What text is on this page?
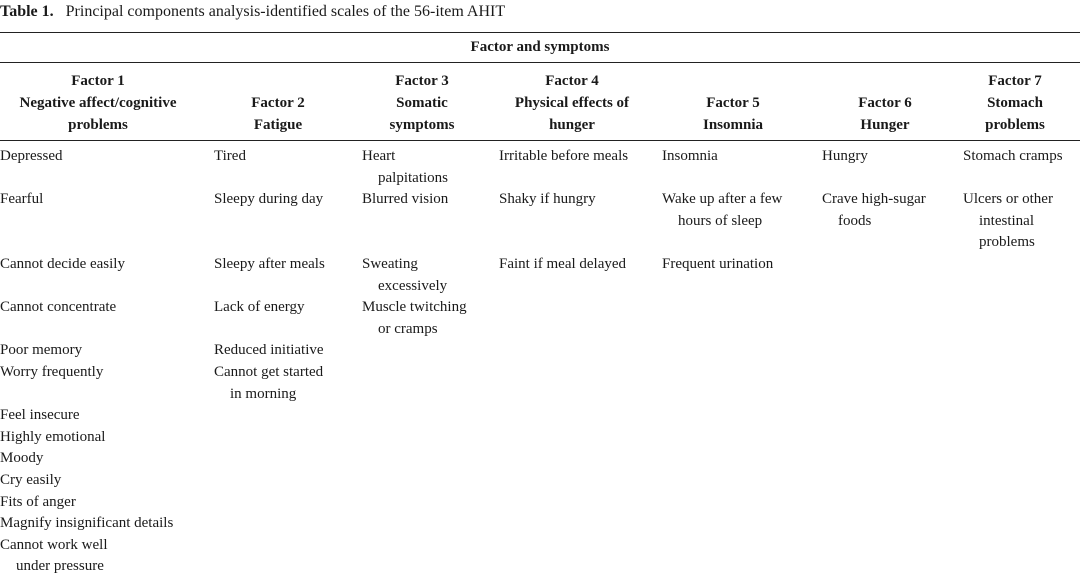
Table 1. Principal components analysis-identified scales of the 56-item AHIT
Factor and symptoms
Factor 1
Negative affect/cognitive
problems
Factor 2
Fatigue
Factor 3
Somatic
symptoms
Factor 4
Physical effects of
hunger
Factor 5
Insomnia
Factor 6
Hunger
Factor 7
Stomach
problems
Depressed
Fearful
Cannot decide easily
Cannot concentrate
Poor memory
Worry frequently
Feel insecure
Highly emotional
Moody
Cry easily
Fits of anger
Magnify insignificant details
Cannot work well
under pressure
Tired
Sleepy during day
Sleepy after meals
Lack of energy
Reduced initiative
Cannot get started
in morning
Heart
palpitations
Blurred vision
Sweating
excessively
Muscle twitching
or cramps
Irritable before meals
Shaky if hungry
Faint if meal delayed
Insomnia
Wake up after a few
hours of sleep
Frequent urination
Hungry
Crave high-sugar
foods
Stomach cramps
Ulcers or other
intestinal
problems
